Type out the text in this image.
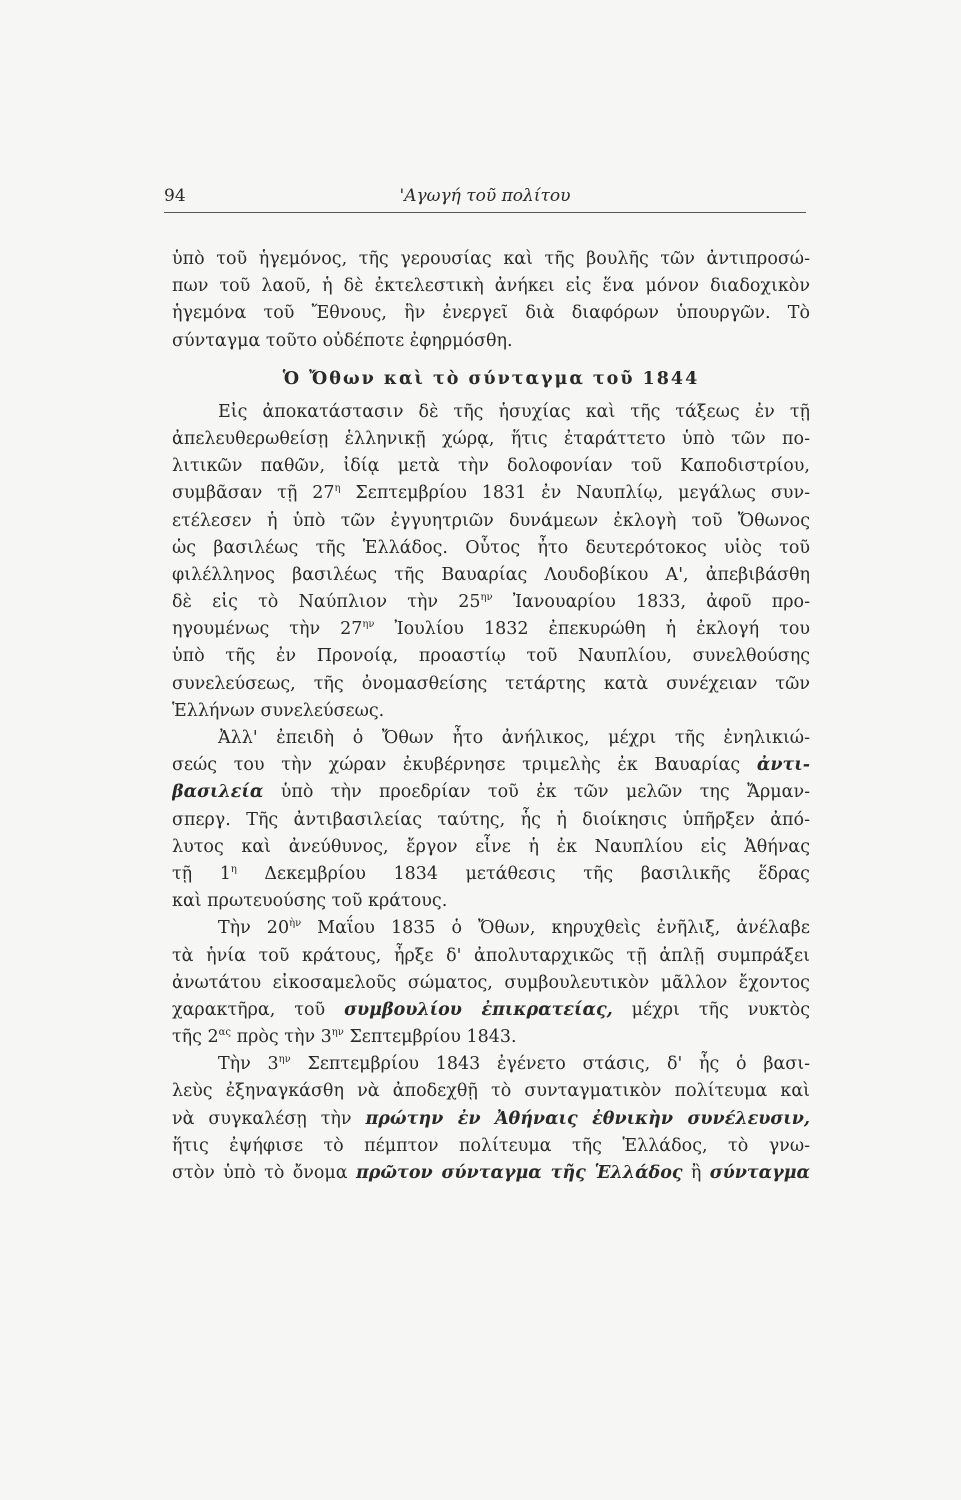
94	'Αγωγή τοῦ πολίτου
ὑπὸ τοῦ ἡγεμόνος, τῆς γερουσίας καὶ τῆς βουλῆς τῶν ἀντιπροσώ-
πων τοῦ λαοῦ, ἡ δὲ ἐκτελεστικὴ ἀνήκει εἰς ἕνα μόνον διαδοχικὸν
ἡγεμόνα τοῦ Ἔθνους, ἣν ἐνεργεῖ διὰ διαφόρων ὑπουργῶν. Τὸ
σύνταγμα τοῦτο οὐδέποτε ἐφηρμόσθη.
Ὁ Ὄθων καὶ τὸ σύνταγμα τοῦ 1844
Εἰς ἀποκατάστασιν δὲ τῆς ἡσυχίας καὶ τῆς τάξεως ἐν τῇ
ἀπελευθερωθείσῃ ἑλληνικῇ χώρᾳ, ἥτις ἐταράττετο ὑπὸ τῶν πο-
λιτικῶν παθῶν, ἰδίᾳ μετὰ τὴν δολοφονίαν τοῦ Καποδιστρίου,
συμβᾶσαν τῇ $27^\eta$ Σεπτεμβρίου 1831 ἐν Ναυπλίῳ, μεγάλως συν-
ετέλεσεν ἡ ὑπὸ τῶν ἐγγυητριῶν δυνάμεων ἐκλογὴ τοῦ Ὄθωνος
ὡς βασιλέως τῆς Ἑλλάδος. Οὗτος ἦτο δευτερότοκος υἱὸς τοῦ
φιλέλληνος βασιλέως τῆς Βαυαρίας Λουδοβίκου Α', ἀπεβιβάσθη
δὲ εἰς τὸ Ναύπλιον τὴν $25^{\eta\nu}$ Ἰανουαρίου 1833, ἀφοῦ προ-
ηγουμένως τὴν $27^{\eta\nu}$ Ἰουλίου 1832 ἐπεκυρώθη ἡ ἐκλογή του
ὑπὸ τῆς ἐν Προνοίᾳ, προαστίῳ τοῦ Ναυπλίου, συνελθούσης
συνελεύσεως, τῆς ὀνομασθείσης τετάρτης κατὰ συνέχειαν τῶν
Ἑλλήνων συνελεύσεως.
Ἀλλ' ἐπειδὴ ὁ Ὄθων ἦτο ἀνήλικος, μέχρι τῆς ἐνηλικιώ-
σεώς του τὴν χώραν ἐκυβέρνησε τριμελὴς ἐκ Βαυαρίας ἀντι-
βασιλεία ὑπὸ τὴν προεδρίαν τοῦ ἐκ τῶν μελῶν της Ἄρμαν-
σπεργ. Τῆς ἀντιβασιλείας ταύτης, ἧς ἡ διοίκησις ὑπῆρξεν ἀπό-
λυτος καὶ ἀνεύθυνος, ἔργον εἶνε ἡ ἐκ Ναυπλίου εἰς Ἀθήνας
τῇ $1^\eta$ Δεκεμβρίου 1834 μετάθεσις τῆς βασιλικῆς ἕδρας
καὶ πρωτευούσης τοῦ κράτους.
Τὴν $20^{ὴ\nu}$ Μαΐου 1835 ὁ Ὄθων, κηρυχθεὶς ἐνῆλιξ, ἀνέλαβε
τὰ ἡνία τοῦ κράτους, ἦρξε δ' ἀπολυταρχικῶς τῇ ἁπλῇ συμπράξει
ἀνωτάτου εἰκοσαμελοῦς σώματος, συμβουλευτικὸν μᾶλλον ἔχοντος
χαρακτῆρα, τοῦ συμβουλίου ἐπικρατείας, μέχρι τῆς νυκτὸς
τῆς $2^{\alpha\varsigma}$ πρὸς τὴν $3^{\eta\nu}$ Σεπτεμβρίου 1843.
Τὴν $3^{\eta\nu}$ Σεπτεμβρίου 1843 ἐγένετο στάσις, δ' ἧς ὁ βασι-
λεὺς ἐξηναγκάσθη νὰ ἀποδεχθῇ τὸ συνταγματικὸν πολίτευμα καὶ
νὰ συγκαλέσῃ τὴν πρώτην ἐν Ἀθήναις ἐθνικὴν συνέλευσιν,
ἥτις ἐψήφισε τὸ πέμπτον πολίτευμα τῆς Ἑλλάδος, τὸ γνω-
στὸν ὑπὸ τὸ ὄνομα πρῶτον σύνταγμα τῆς Ἑλλάδος ἢ σύνταγμα
